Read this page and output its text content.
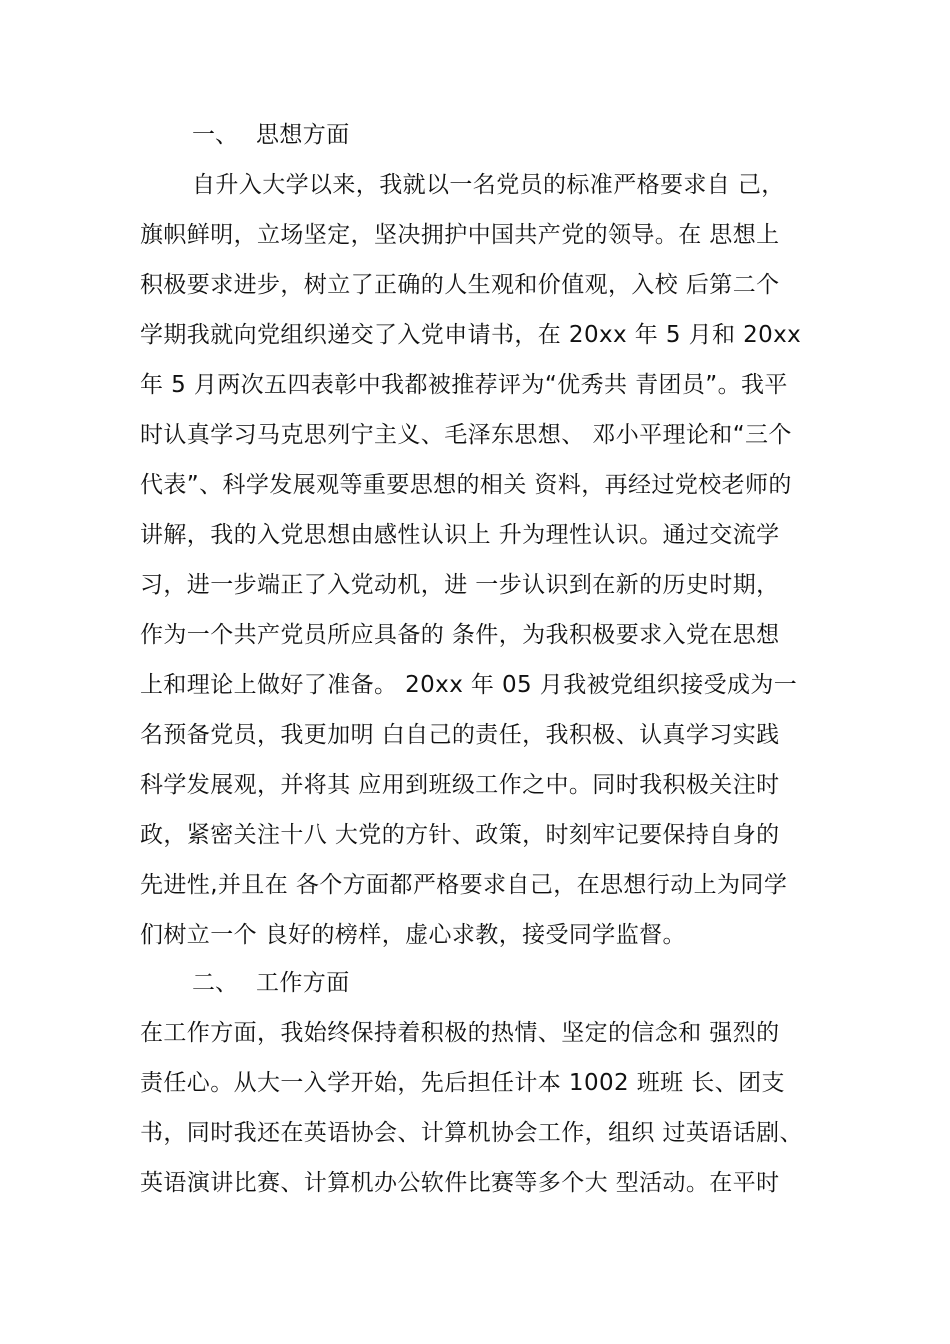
一、 思想方面
自升入大学以来，我就以一名党员的标准严格要求自 己，
旗帜鲜明，立场坚定，坚决拥护中国共产党的领导。在 思想上
积极要求进步，树立了正确的人生观和价值观，入校 后第二个
学期我就向党组织递交了入党申请书，在 20xx 年 5 月和 20xx
年 5 月两次五四表彰中我都被推荐评为“优秀共 青团员”。我平
时认真学习马克思列宁主义、毛泽东思想、 邓小平理论和“三个
代表”、科学发展观等重要思想的相关 资料，再经过党校老师的
讲解，我的入党思想由感性认识上 升为理性认识。通过交流学
习，进一步端正了入党动机，进 一步认识到在新的历史时期，
作为一个共产党员所应具备的 条件，为我积极要求入党在思想
上和理论上做好了准备。 20xx 年 05 月我被党组织接受成为一
名预备党员，我更加明 白自己的责任，我积极、认真学习实践
科学发展观，并将其 应用到班级工作之中。同时我积极关注时
政，紧密关注十八 大党的方针、政策，时刻牢记要保持自身的
先进性,并且在 各个方面都严格要求自己，在思想行动上为同学
们树立一个 良好的榜样，虚心求教，接受同学监督。
二、 工作方面
在工作方面，我始终保持着积极的热情、坚定的信念和 强烈的
责任心。从大一入学开始，先后担任计本 1002 班班 长、团支
书，同时我还在英语协会、计算机协会工作，组织 过英语话剧、
英语演讲比赛、计算机办公软件比赛等多个大 型活动。在平时
